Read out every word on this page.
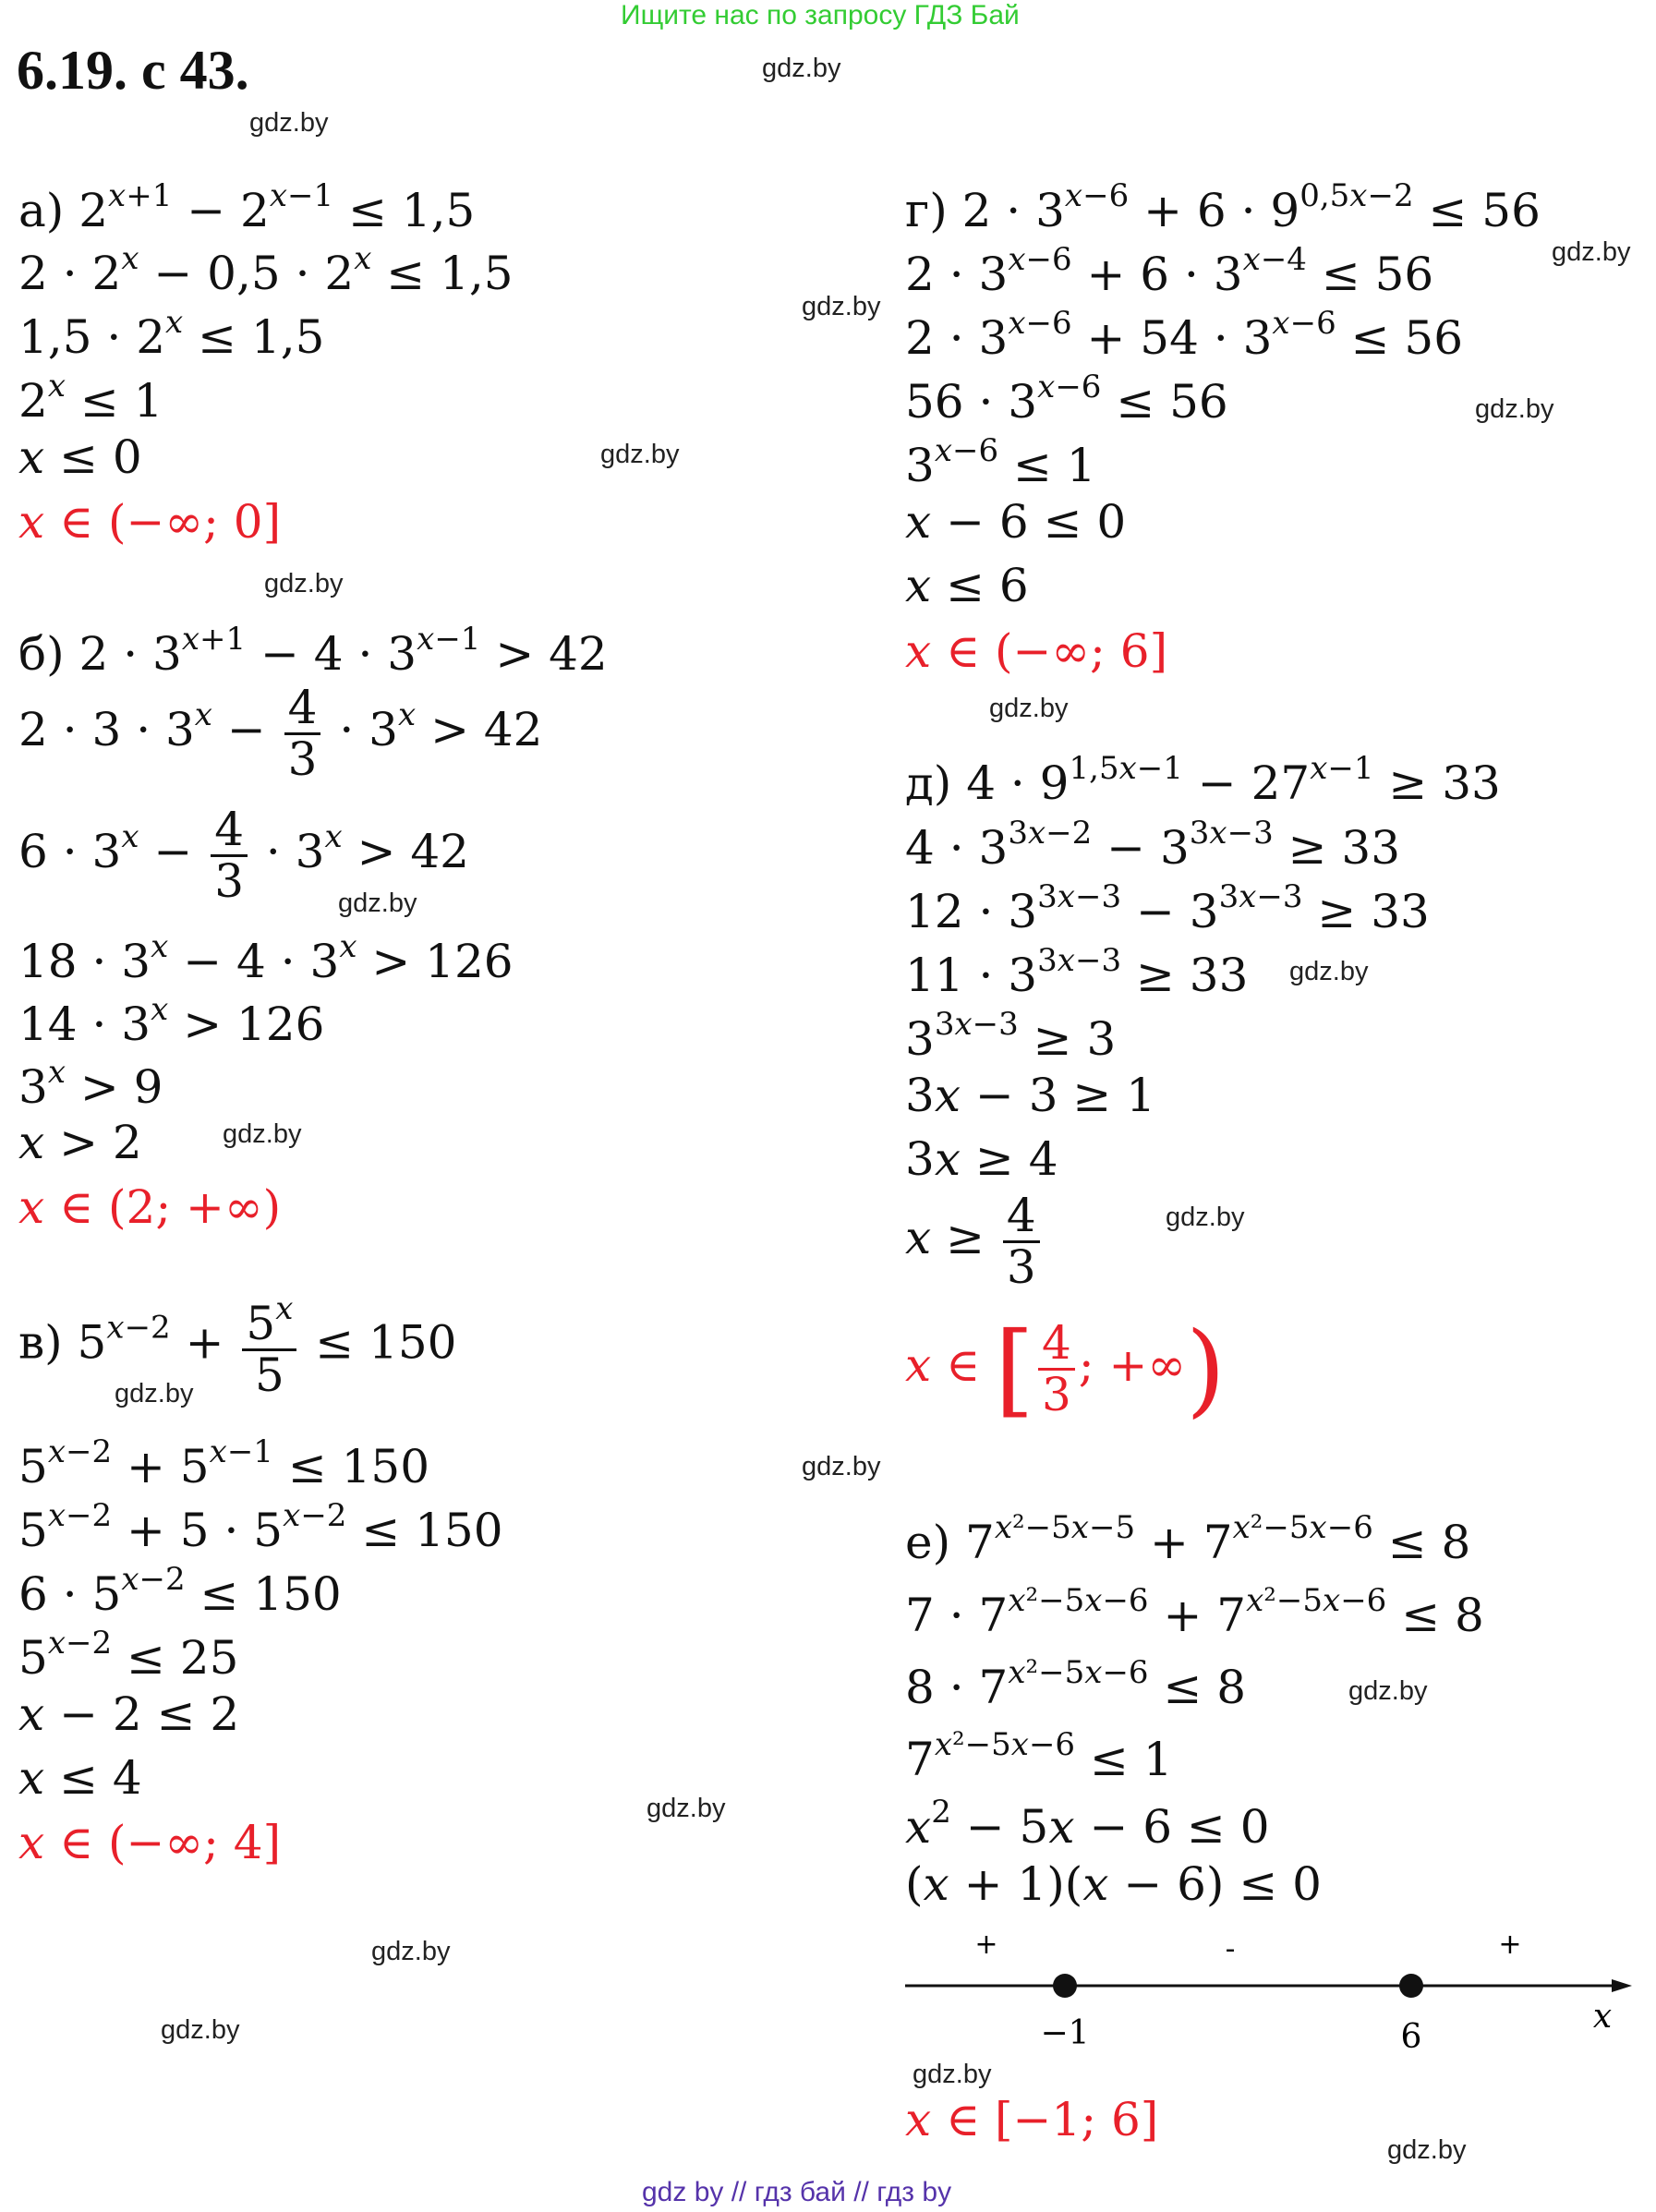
Ищите нас по запросу ГДЗ Бай
6.19. с 43.	gdz.by
gdz.by
gdz.by
gdz.by
gdz.by
gdz.by
gdz.by
gdz.by
gdz.by
gdz.by
gdz.by
gdz.by
gdz.by
gdz.by
gdz.by
gdz.by
gdz.by
gdz.by
gdz.by
gdz.by
а) $2^{x+1} - 2^{x-1} \le 1,5$
$2 \cdot 2^x - 0,5 \cdot 2^x \le 1,5$
$1,5 \cdot 2^x \le 1,5$
$2^x \le 1$
x ≤ 0
x ∈ (−∞; 0]
б) $2 \cdot 3^{x+1} - 4 \cdot 3^{x-1} > 42$
$2 \cdot 3 \cdot 3^x - \frac{4}{3} \cdot 3^x > 42$
$6 \cdot 3^x - \frac{4}{3} \cdot 3^x > 42$
$18 \cdot 3^x - 4 \cdot 3^x > 126$
$14 \cdot 3^x > 126$
$3^x > 9$
x > 2
x ∈ (2; +∞)
в) $5^{x-2} + \frac{5^x}{5} \le 150$
$5^{x-2} + 5^{x-1} \le 150$
$5^{x-2} + 5 \cdot 5^{x-2} \le 150$
$6 \cdot 5^{x-2} \le 150$
$5^{x-2} \le 25$
x − 2 ≤ 2
x ≤ 4
x ∈ (−∞; 4]
г) $2 \cdot 3^{x-6} + 6 \cdot 9^{0,5x-2} \le 56$
$2 \cdot 3^{x-6} + 6 \cdot 3^{x-4} \le 56$
$2 \cdot 3^{x-6} + 54 \cdot 3^{x-6} \le 56$
$56 \cdot 3^{x-6} \le 56$
$3^{x-6} \le 1$
x − 6 ≤ 0
x ≤ 6
x ∈ (−∞; 6]
д) $4 \cdot 9^{1,5x-1} - 27^{x-1} \ge 33$
$4 \cdot 3^{3x-2} - 3^{3x-3} \ge 33$
$12 \cdot 3^{3x-3} - 3^{3x-3} \ge 33$
$11 \cdot 3^{3x-3} \ge 33$
$3^{3x-3} \ge 3$
3x − 3 ≥ 1
3x ≥ 4
$x \ge \frac{4}{3}$
x ∈ [ $\frac{4}{3}$ ; +∞)
е) $7^{x^2-5x-5} + 7^{x^2-5x-6} \le 8$
$7 \cdot 7^{x^2-5x-6} + 7^{x^2-5x-6} \le 8$
$8 \cdot 7^{x^2-5x-6} \le 8$
$7^{x^2-5x-6} \le 1$
$x^2 - 5x - 6 \le 0$
(x + 1)(x − 6) ≤ 0
+	-	+
−1	6
x
x ∈ [−1; 6]
gdz by // гдз бай // гдз by
